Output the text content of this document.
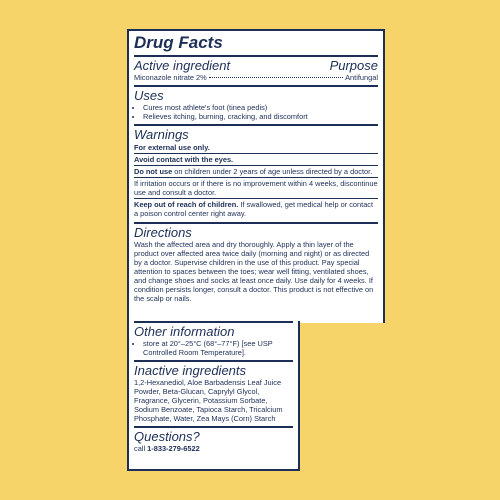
Drug Facts
Active ingredient	Purpose
Miconazole nitrate 2%	Antifungal
Uses
• Cures most athlete's foot (tinea pedis)
• Relieves itching, burning, cracking, and discomfort
Warnings
For external use only.
Avoid contact with the eyes.
Do not use on children under 2 years of age unless directed by a doctor.
If irritation occurs or if there is no improvement within 4 weeks, discontinue use and consult a doctor.
Keep out of reach of children. If swallowed, get medical help or contact a poison control center right away.
Directions
Wash the affected area and dry thoroughly. Apply a thin layer of the product over affected area twice daily (morning and night) or as directed by a doctor. Supervise children in the use of this product. Pay special attention to spaces between the toes; wear well fitting, ventilated shoes, and change shoes and socks at least once daily. Use daily for 4 weeks. If condition persists longer, consult a doctor. This product is not effective on the scalp or nails.
Other information
• store at 20°–25°C (68°–77°F) [see USP Controlled Room Temperature].
Inactive ingredients
1,2-Hexanediol, Aloe Barbadensis Leaf Juice Powder, Beta-Glucan, Caprylyl Glycol, Fragrance, Glycerin, Potassium Sorbate, Sodium Benzoate, Tapioca Starch, Tricalcium Phosphate, Water, Zea Mays (Corn) Starch
Questions?
call 1-833-279-6522
